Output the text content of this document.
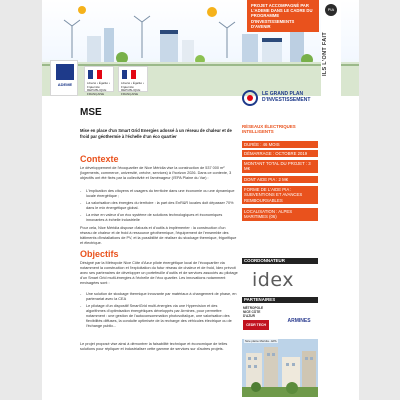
ADEME	Liberté • Égalité • Fraternité RÉPUBLIQUE FRANÇAISE
Liberté • Égalité • Fraternité RÉPUBLIQUE FRANÇAISE
PROJET ACCOMPAGNÉ PAR L'ADEME DANS LE CADRE DU PROGRAMME D'INVESTISSEMENTS D'AVENIR
PIA
ILS L'ONT FAIT
MSE
Mise en place d'un Smart Grid Energies adossé à un réseau de chaleur et de froid par géothermie à l'échelle d'un éco quartier
Contexte
Le développement de l'écoquartier de Nice Méridia vise la construction de 537 000 m² (logements, commerce, université, crèche, services) à l'horizon 2026. Dans ce contexte, 3 objectifs ont été fixés par la collectivité et l'aménageur (l'EPA Plaine du Var) :
- L'implication des citoyens et usagers du territoire dans une économie ou une dynamique locale énergétique ;
- La valorisation des énergies du territoire : la part des EnR&R locales doit dépasser 70% dans le mix énergétique global.
- La mise en valeur d'un éco système de solutions technologiques et économiques innovantes à échelle industrielle
Pour cela, Nice Méridia dispose d'atouts et d'outils à implémenter : la construction d'un réseau de chaleur et de froid à ressource géothermique, l'équipement de l'ensemble des bâtiments d'installations de PV, et la possibilité de réaliser du stockage thermique, frigorifique et électrique.
Objectifs
Désigné par la Métropole Nice Côte d'Azur pilote énergétique local de l'écoquartier via notamment la construction et l'exploitation du futur réseau de chaleur et de froid, Idex prévoit avec ses partenaires de développer un portefeuille d'outils et de services associés au pilotage d'un Smart Grid multi-énergies à l'échelle de l'éco quartier. Les innovations notamment envisagées sont :
- Une solution de stockage thermique innovante par matériaux à changement de phase, en partenariat avec la CEA
- Le pilotage d'un dispositif SmartGrid multi-énergies via une Hypervision et des algorithmes d'optimisation énergétiques développés par Armines, pour permettre notamment : une gestion de l'autoconsommation photovoltaïque, une valorisation des flexibilités diffuses, la conduite optimisée de la recharge des véhicules électrique ou de l'échange public...
Le projet proposé vise ainsi à démontrer la faisabilité technique et économique de telles solutions pour répliquer et industrialiser cette gamme de services sur d'autres projets.
LE GRAND PLAN
D'INVESTISSEMENT
RÉSEAUX ÉLECTRIQUES INTELLIGENTS
DURÉE : 46 MOIS
DÉMARRAGE : OCTOBRE 2019
MONTANT TOTAL DU PROJET : 3 M€
DONT AIDE PIA : 2 M€
FORME DE L'AIDE PIA : SUBVENTIONS ET AVANCES REMBOURSABLES
LOCALISATION : ALPES MARITIMES (06)
COORDONNATEUR
idex
PARTENAIRES
MÉTROPOLE NICE CÔTE D'AZUR
CEDR TECH
ARMINES
Nice plaine Méridia - EPA
